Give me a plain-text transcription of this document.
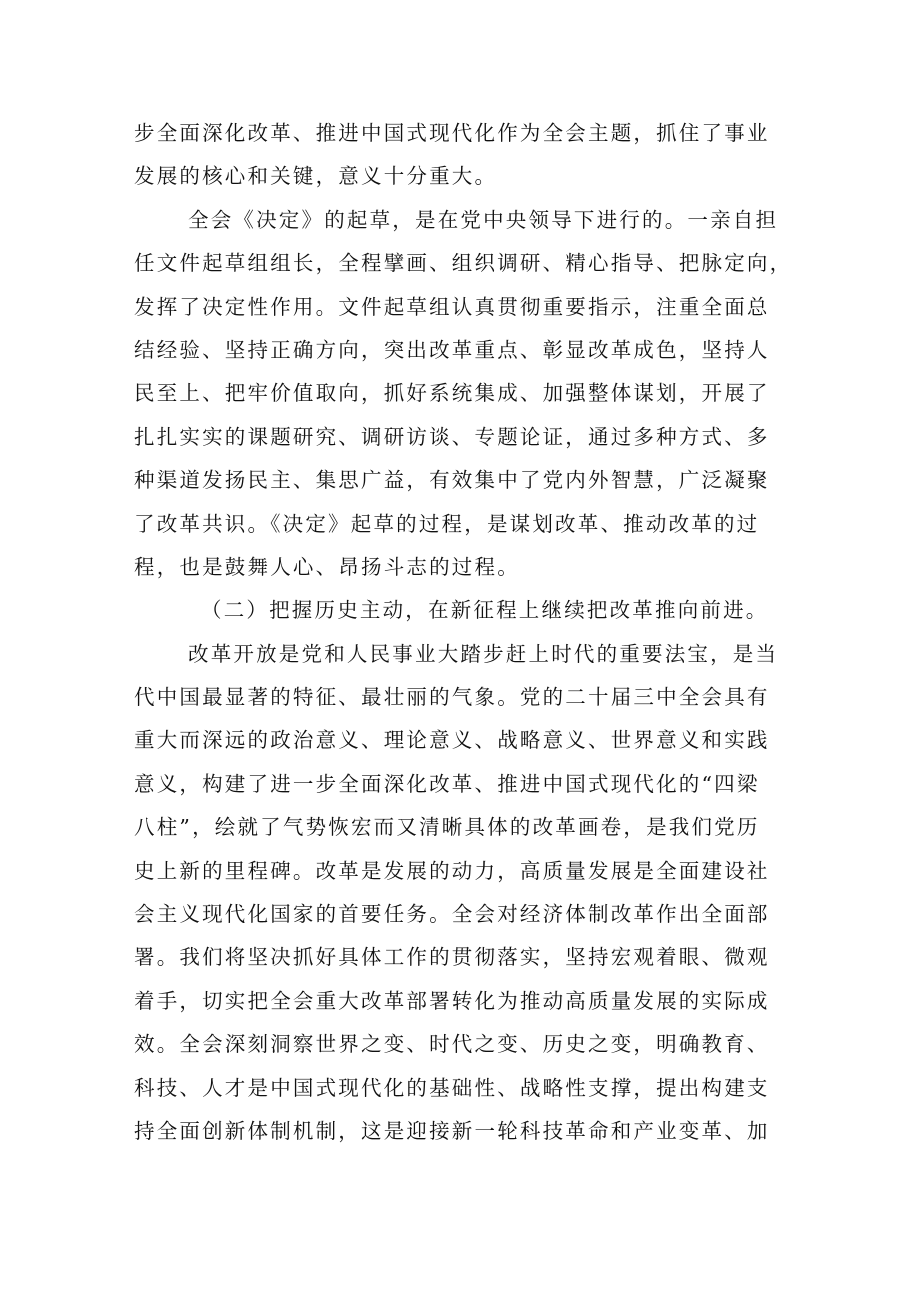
步全面深化改革、推进中国式现代化作为全会主题，抓住了事业
发展的核心和关键，意义十分重大。
全会《决定》的起草，是在党中央领导下进行的。一亲自担
任文件起草组组长，全程擘画、组织调研、精心指导、把脉定向，
发挥了决定性作用。文件起草组认真贯彻重要指示，注重全面总
结经验、坚持正确方向，突出改革重点、彰显改革成色，坚持人
民至上、把牢价值取向，抓好系统集成、加强整体谋划，开展了
扎扎实实的课题研究、调研访谈、专题论证，通过多种方式、多
种渠道发扬民主、集思广益，有效集中了党内外智慧，广泛凝聚
了改革共识。《决定》起草的过程，是谋划改革、推动改革的过
程，也是鼓舞人心、昂扬斗志的过程。
（二）把握历史主动，在新征程上继续把改革推向前进。
改革开放是党和人民事业大踏步赶上时代的重要法宝，是当
代中国最显著的特征、最壮丽的气象。党的二十届三中全会具有
重大而深远的政治意义、理论意义、战略意义、世界意义和实践
意义，构建了进一步全面深化改革、推进中国式现代化的“四梁
八柱”，绘就了气势恢宏而又清晰具体的改革画卷，是我们党历
史上新的里程碑。改革是发展的动力，高质量发展是全面建设社
会主义现代化国家的首要任务。全会对经济体制改革作出全面部
署。我们将坚决抓好具体工作的贯彻落实，坚持宏观着眼、微观
着手，切实把全会重大改革部署转化为推动高质量发展的实际成
效。全会深刻洞察世界之变、时代之变、历史之变，明确教育、
科技、人才是中国式现代化的基础性、战略性支撑，提出构建支
持全面创新体制机制，这是迎接新一轮科技革命和产业变革、加
